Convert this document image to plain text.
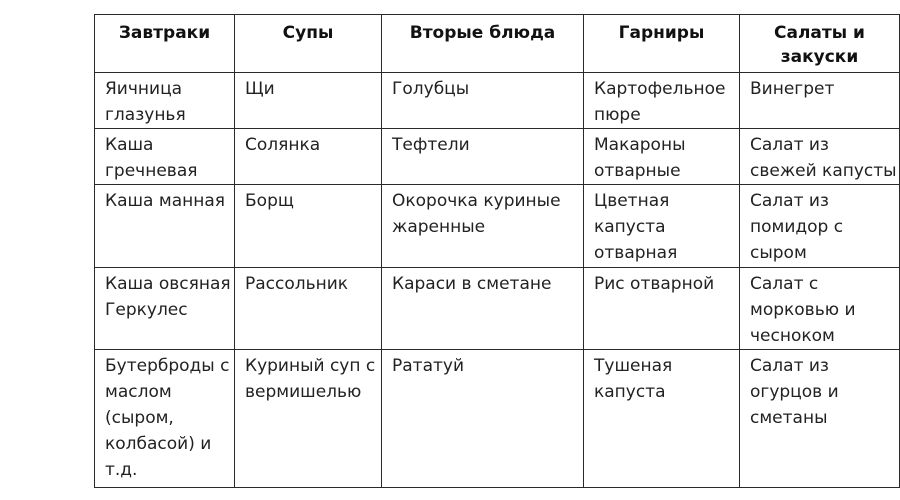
Завтраки	Супы	Вторые блюда	Гарниры	Салаты и закуски

Яичница глазунья	Щи	Голубцы	Картофельное пюре	Винегрет

Каша гречневая	Солянка	Тефтели	Макароны отварные	Салат из свежей капусты

Каша манная	Борщ	Окорочка куриные жаренные	Цветная капуста отварная	Салат из помидор с сыром

Каша овсяная Геркулес	Рассольник	Караси в сметане	Рис отварной	Салат с морковью и чесноком

Бутерброды с маслом (сыром, колбасой) и т.д.	Куриный суп с вермишелью	Рататуй	Тушеная капуста	Салат из огурцов и сметаны
